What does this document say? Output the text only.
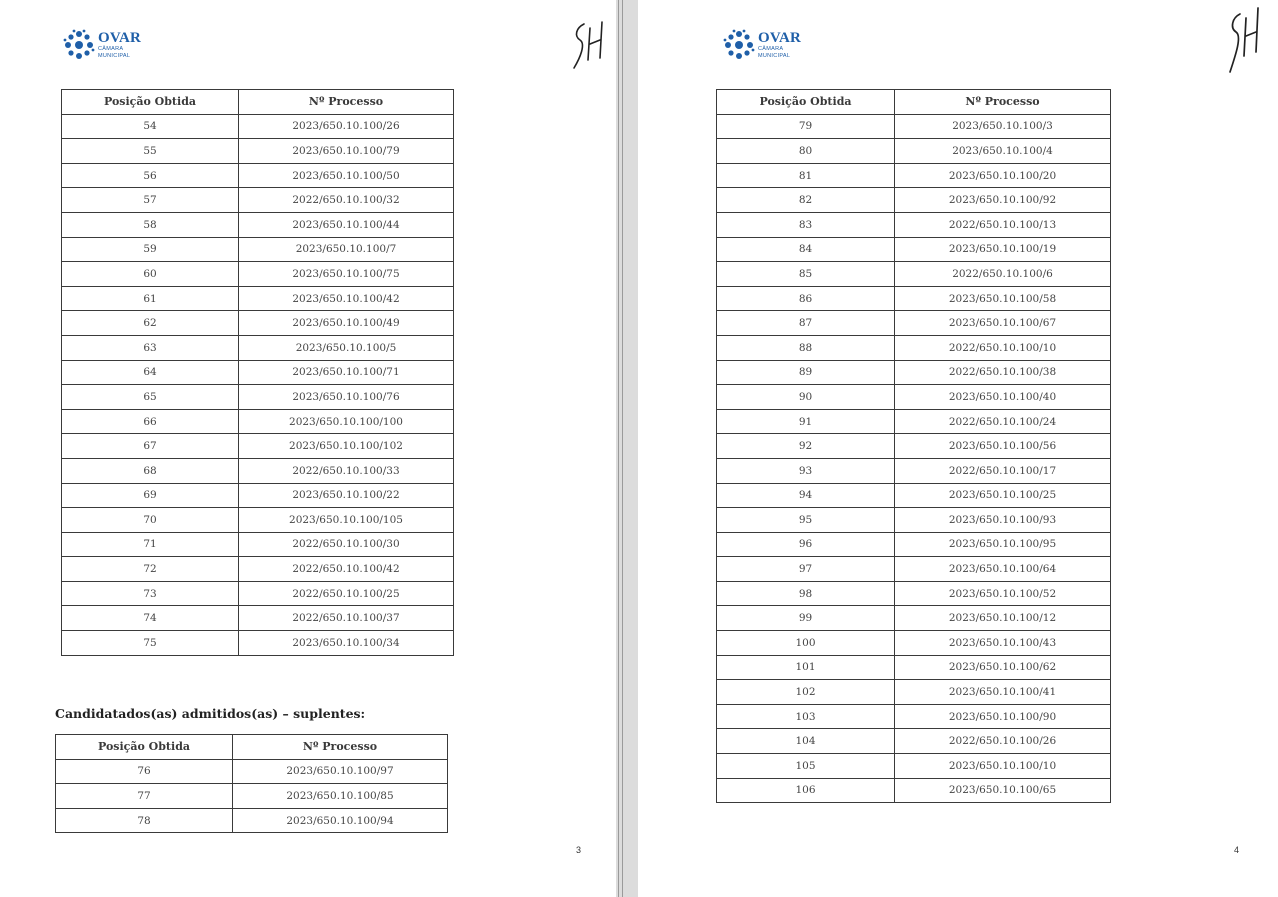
OVAR
CÂMARA
MUNICIPAL
Posição Obtida	Nº Processo
54	2023/650.10.100/26
55	2023/650.10.100/79
56	2023/650.10.100/50
57	2022/650.10.100/32
58	2023/650.10.100/44
59	2023/650.10.100/7
60	2023/650.10.100/75
61	2023/650.10.100/42
62	2023/650.10.100/49
63	2023/650.10.100/5
64	2023/650.10.100/71
65	2023/650.10.100/76
66	2023/650.10.100/100
67	2023/650.10.100/102
68	2022/650.10.100/33
69	2023/650.10.100/22
70	2023/650.10.100/105
71	2022/650.10.100/30
72	2022/650.10.100/42
73	2022/650.10.100/25
74	2022/650.10.100/37
75	2023/650.10.100/34
Candidatados(as) admitidos(as) – suplentes:
Posição Obtida	Nº Processo
76	2023/650.10.100/97
77	2023/650.10.100/85
78	2023/650.10.100/94
3
OVAR
CÂMARA
MUNICIPAL
Posição Obtida	Nº Processo
79	2023/650.10.100/3
80	2023/650.10.100/4
81	2023/650.10.100/20
82	2023/650.10.100/92
83	2022/650.10.100/13
84	2023/650.10.100/19
85	2022/650.10.100/6
86	2023/650.10.100/58
87	2023/650.10.100/67
88	2022/650.10.100/10
89	2022/650.10.100/38
90	2023/650.10.100/40
91	2022/650.10.100/24
92	2023/650.10.100/56
93	2022/650.10.100/17
94	2023/650.10.100/25
95	2023/650.10.100/93
96	2023/650.10.100/95
97	2023/650.10.100/64
98	2023/650.10.100/52
99	2023/650.10.100/12
100	2023/650.10.100/43
101	2023/650.10.100/62
102	2023/650.10.100/41
103	2023/650.10.100/90
104	2022/650.10.100/26
105	2023/650.10.100/10
106	2023/650.10.100/65
4
